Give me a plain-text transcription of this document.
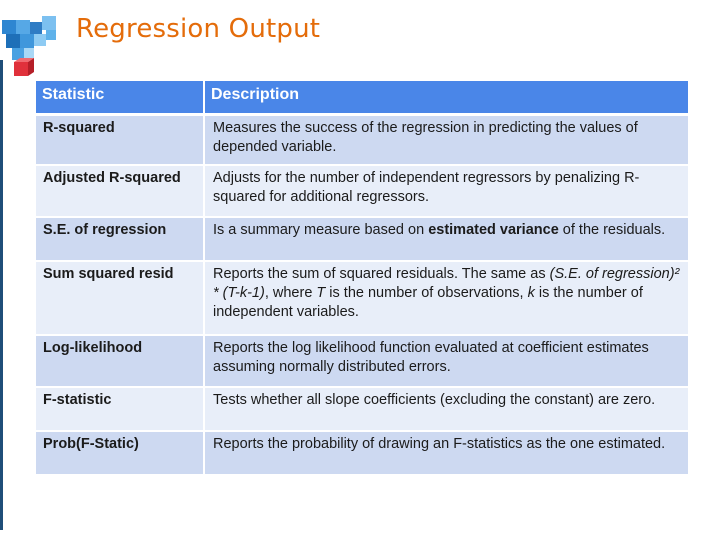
Regression Output
Statistic	Description
R-squared	Measures the success of the regression in predicting the values of depended variable.
Adjusted R-squared	Adjusts for the number of independent regressors by penalizing R-squared for additional regressors.
S.E. of regression	Is a summary measure based on estimated variance of the residuals.
Sum squared resid	Reports the sum of squared residuals. The same as (S.E. of regression)² * (T-k-1), where T is the number of observations, k is the number of independent variables.
Log-likelihood	Reports the log likelihood function evaluated at coefficient estimates assuming normally distributed errors.
F-statistic	Tests whether all slope coefficients (excluding the constant) are zero.
Prob(F-Static)	Reports the probability of drawing an F-statistics as the one estimated.
